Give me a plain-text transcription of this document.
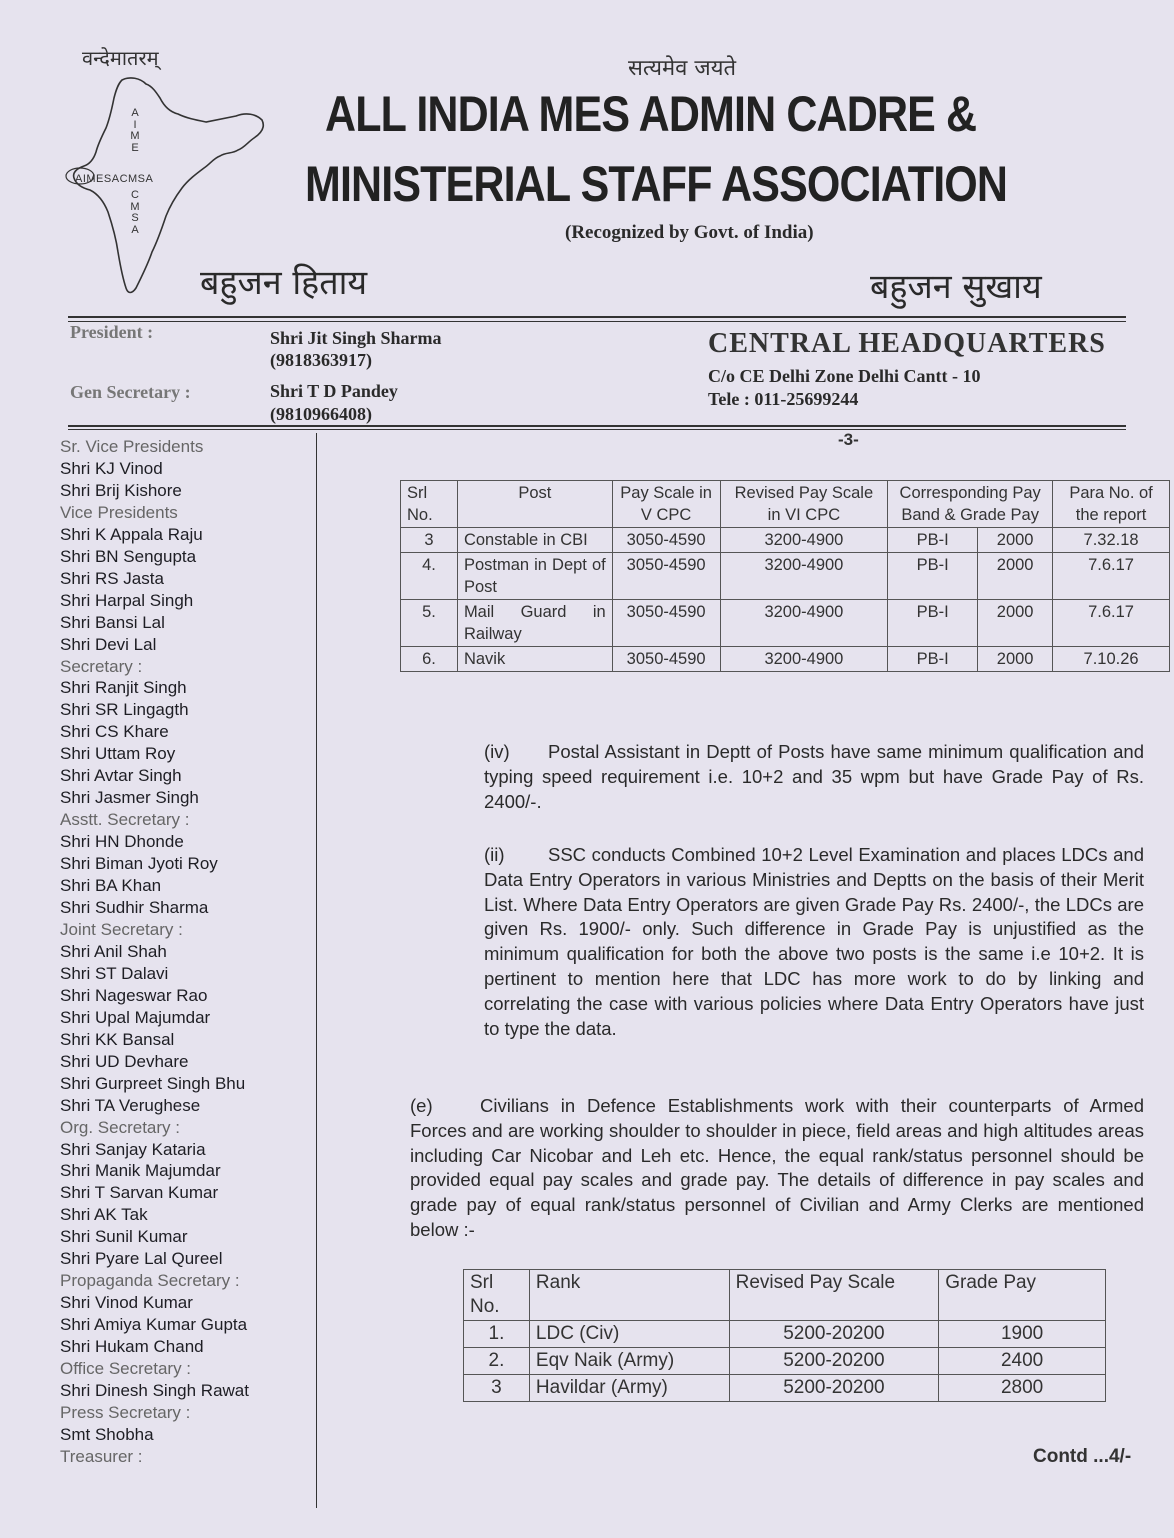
वन्देमातरम्
A
I
M
E
C
M
S
A
AIMESACMSA
सत्यमेव जयते
ALL INDIA MES ADMIN CADRE &
MINISTERIAL STAFF ASSOCIATION
(Recognized by Govt. of India)
बहुजन हिताय	बहुजन सुखाय
President :	Shri Jit Singh Sharma
(9818363917)
Gen Secretary :	Shri T D Pandey
(9810966408)
CENTRAL HEADQUARTERS
C/o CE Delhi Zone Delhi Cantt - 10
Tele : 011-25699244
Sr. Vice Presidents
Shri KJ Vinod
Shri Brij Kishore
Vice Presidents
Shri K Appala Raju
Shri BN Sengupta
Shri RS Jasta
Shri Harpal Singh
Shri Bansi Lal
Shri Devi Lal
Secretary :
Shri Ranjit Singh
Shri SR Lingagth
Shri CS Khare
Shri Uttam Roy
Shri Avtar Singh
Shri Jasmer Singh
Asstt. Secretary :
Shri HN Dhonde
Shri Biman Jyoti Roy
Shri BA Khan
Shri Sudhir Sharma
Joint Secretary :
Shri Anil Shah
Shri ST Dalavi
Shri Nageswar Rao
Shri Upal Majumdar
Shri KK Bansal
Shri UD Devhare
Shri Gurpreet Singh Bhu
Shri TA Verughese
Org. Secretary :
Shri Sanjay Kataria
Shri Manik Majumdar
Shri T Sarvan Kumar
Shri AK Tak
Shri Sunil Kumar
Shri Pyare Lal Qureel
Propaganda Secretary :
Shri Vinod Kumar
Shri Amiya Kumar Gupta
Shri Hukam Chand
Office Secretary :
Shri Dinesh Singh Rawat
Press Secretary :
Smt Shobha
Treasurer :
-3-
Srl No.	Post	Pay Scale in V CPC	Revised Pay Scale in VI CPC	Corresponding Pay Band & Grade Pay		Para No. of the report
3	Constable in CBI	3050-4590	3200-4900	PB-I	2000	7.32.18
4.	Postman in Dept of Post	3050-4590	3200-4900	PB-I	2000	7.6.17
5.	Mail Guard in Railway	3050-4590	3200-4900	PB-I	2000	7.6.17
6.	Navik	3050-4590	3200-4900	PB-I	2000	7.10.26
(iv) Postal Assistant in Deptt of Posts have same minimum qualification and typing speed requirement i.e. 10+2 and 35 wpm but have Grade Pay of Rs. 2400/-.
(ii) SSC conducts Combined 10+2 Level Examination and places LDCs and Data Entry Operators in various Ministries and Deptts on the basis of their Merit List. Where Data Entry Operators are given Grade Pay Rs. 2400/-, the LDCs are given Rs. 1900/- only. Such difference in Grade Pay is unjustified as the minimum qualification for both the above two posts is the same i.e 10+2. It is pertinent to mention here that LDC has more work to do by linking and correlating the case with various policies where Data Entry Operators have just to type the data.
(e)	Civilians in Defence Establishments work with their counterparts of Armed Forces and are working shoulder to shoulder in piece, field areas and high altitudes areas including Car Nicobar and Leh etc. Hence, the equal rank/status personnel should be provided equal pay scales and grade pay. The details of difference in pay scales and grade pay of equal rank/status personnel of Civilian and Army Clerks are mentioned below :-
Srl No.	Rank	Revised Pay Scale	Grade Pay
1.	LDC (Civ)	5200-20200	1900
2.	Eqv Naik (Army)	5200-20200	2400
3	Havildar (Army)	5200-20200	2800
Contd ...4/-
